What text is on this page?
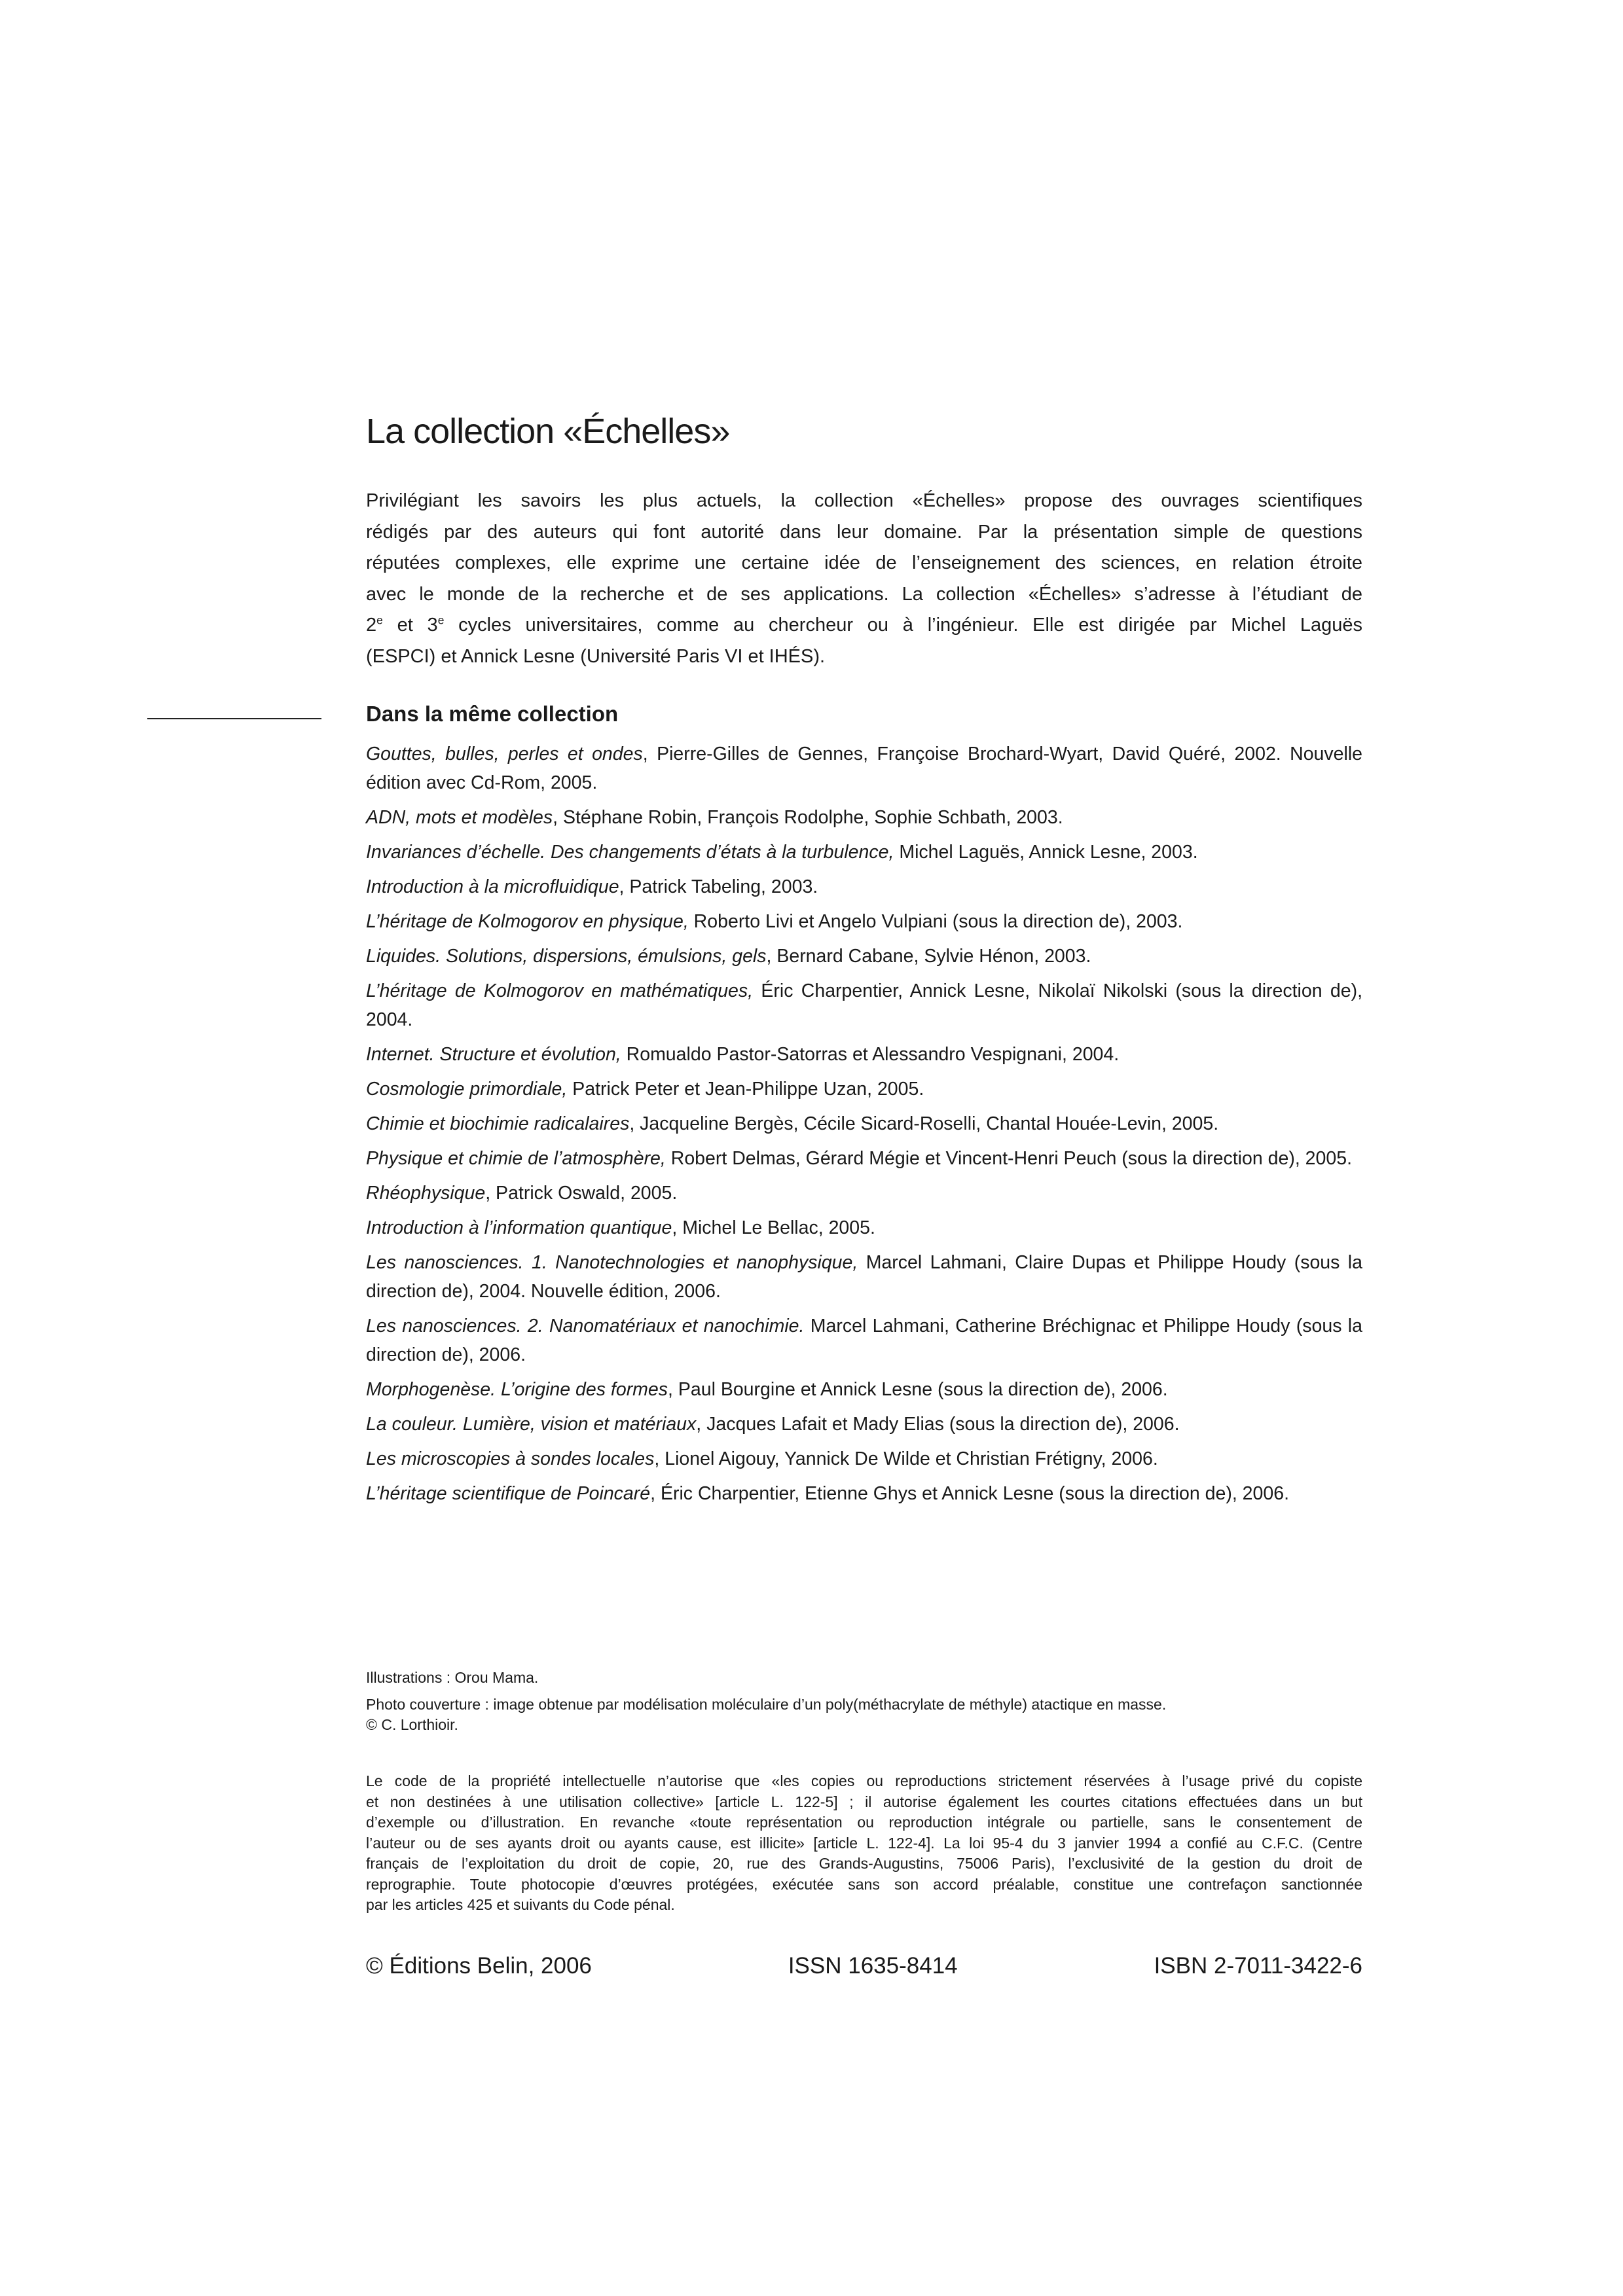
La collection «Échelles»
Privilégiant les savoirs les plus actuels, la collection «Échelles» propose des ouvrages scientifiques
rédigés par des auteurs qui font autorité dans leur domaine. Par la présentation simple de questions
réputées complexes, elle exprime une certaine idée de l’enseignement des sciences, en relation étroite
avec le monde de la recherche et de ses applications. La collection «Échelles» s’adresse à l’étudiant de
2e et 3e cycles universitaires, comme au chercheur ou à l’ingénieur. Elle est dirigée par Michel Laguës
(ESPCI) et Annick Lesne (Université Paris VI et IHÉS).
Dans la même collection
Gouttes, bulles, perles et ondes, Pierre-Gilles de Gennes, Françoise Brochard-Wyart, David Quéré, 2002. Nouvelle édition avec Cd-Rom, 2005.
ADN, mots et modèles, Stéphane Robin, François Rodolphe, Sophie Schbath, 2003.
Invariances d’échelle. Des changements d’états à la turbulence, Michel Laguës, Annick Lesne, 2003.
Introduction à la microfluidique, Patrick Tabeling, 2003.
L’héritage de Kolmogorov en physique, Roberto Livi et Angelo Vulpiani (sous la direction de), 2003.
Liquides. Solutions, dispersions, émulsions, gels, Bernard Cabane, Sylvie Hénon, 2003.
L’héritage de Kolmogorov en mathématiques, Éric Charpentier, Annick Lesne, Nikolaï Nikolski (sous la direction de), 2004.
Internet. Structure et évolution, Romualdo Pastor-Satorras et Alessandro Vespignani, 2004.
Cosmologie primordiale, Patrick Peter et Jean-Philippe Uzan, 2005.
Chimie et biochimie radicalaires, Jacqueline Bergès, Cécile Sicard-Roselli, Chantal Houée-Levin, 2005.
Physique et chimie de l’atmosphère, Robert Delmas, Gérard Mégie et Vincent-Henri Peuch (sous la direction de), 2005.
Rhéophysique, Patrick Oswald, 2005.
Introduction à l’information quantique, Michel Le Bellac, 2005.
Les nanosciences. 1. Nanotechnologies et nanophysique, Marcel Lahmani, Claire Dupas et Philippe Houdy (sous la direction de), 2004. Nouvelle édition, 2006.
Les nanosciences. 2. Nanomatériaux et nanochimie. Marcel Lahmani, Catherine Bréchignac et Philippe Houdy (sous la direction de), 2006.
Morphogenèse. L’origine des formes, Paul Bourgine et Annick Lesne (sous la direction de), 2006.
La couleur. Lumière, vision et matériaux, Jacques Lafait et Mady Elias (sous la direction de), 2006.
Les microscopies à sondes locales, Lionel Aigouy, Yannick De Wilde et Christian Frétigny, 2006.
L’héritage scientifique de Poincaré, Éric Charpentier, Etienne Ghys et Annick Lesne (sous la direction de), 2006.

Illustrations : Orou Mama.

Photo couverture : image obtenue par modélisation moléculaire d’un poly(méthacrylate de méthyle) atactique en masse.
© C. Lorthioir.

Le code de la propriété intellectuelle n’autorise que «les copies ou reproductions strictement réservées à l’usage privé du copiste
et non destinées à une utilisation collective» [article L. 122-5] ; il autorise également les courtes citations effectuées dans un but
d’exemple ou d’illustration. En revanche «toute représentation ou reproduction intégrale ou partielle, sans le consentement de
l’auteur ou de ses ayants droit ou ayants cause, est illicite» [article L. 122-4]. La loi 95-4 du 3 janvier 1994 a confié au C.F.C. (Centre
français de l’exploitation du droit de copie, 20, rue des Grands-Augustins, 75006 Paris), l’exclusivité de la gestion du droit de
reprographie. Toute photocopie d’œuvres protégées, exécutée sans son accord préalable, constitue une contrefaçon sanctionnée
par les articles 425 et suivants du Code pénal.
© Éditions Belin, 2006	ISSN 1635-8414	ISBN 2-7011-3422-6
